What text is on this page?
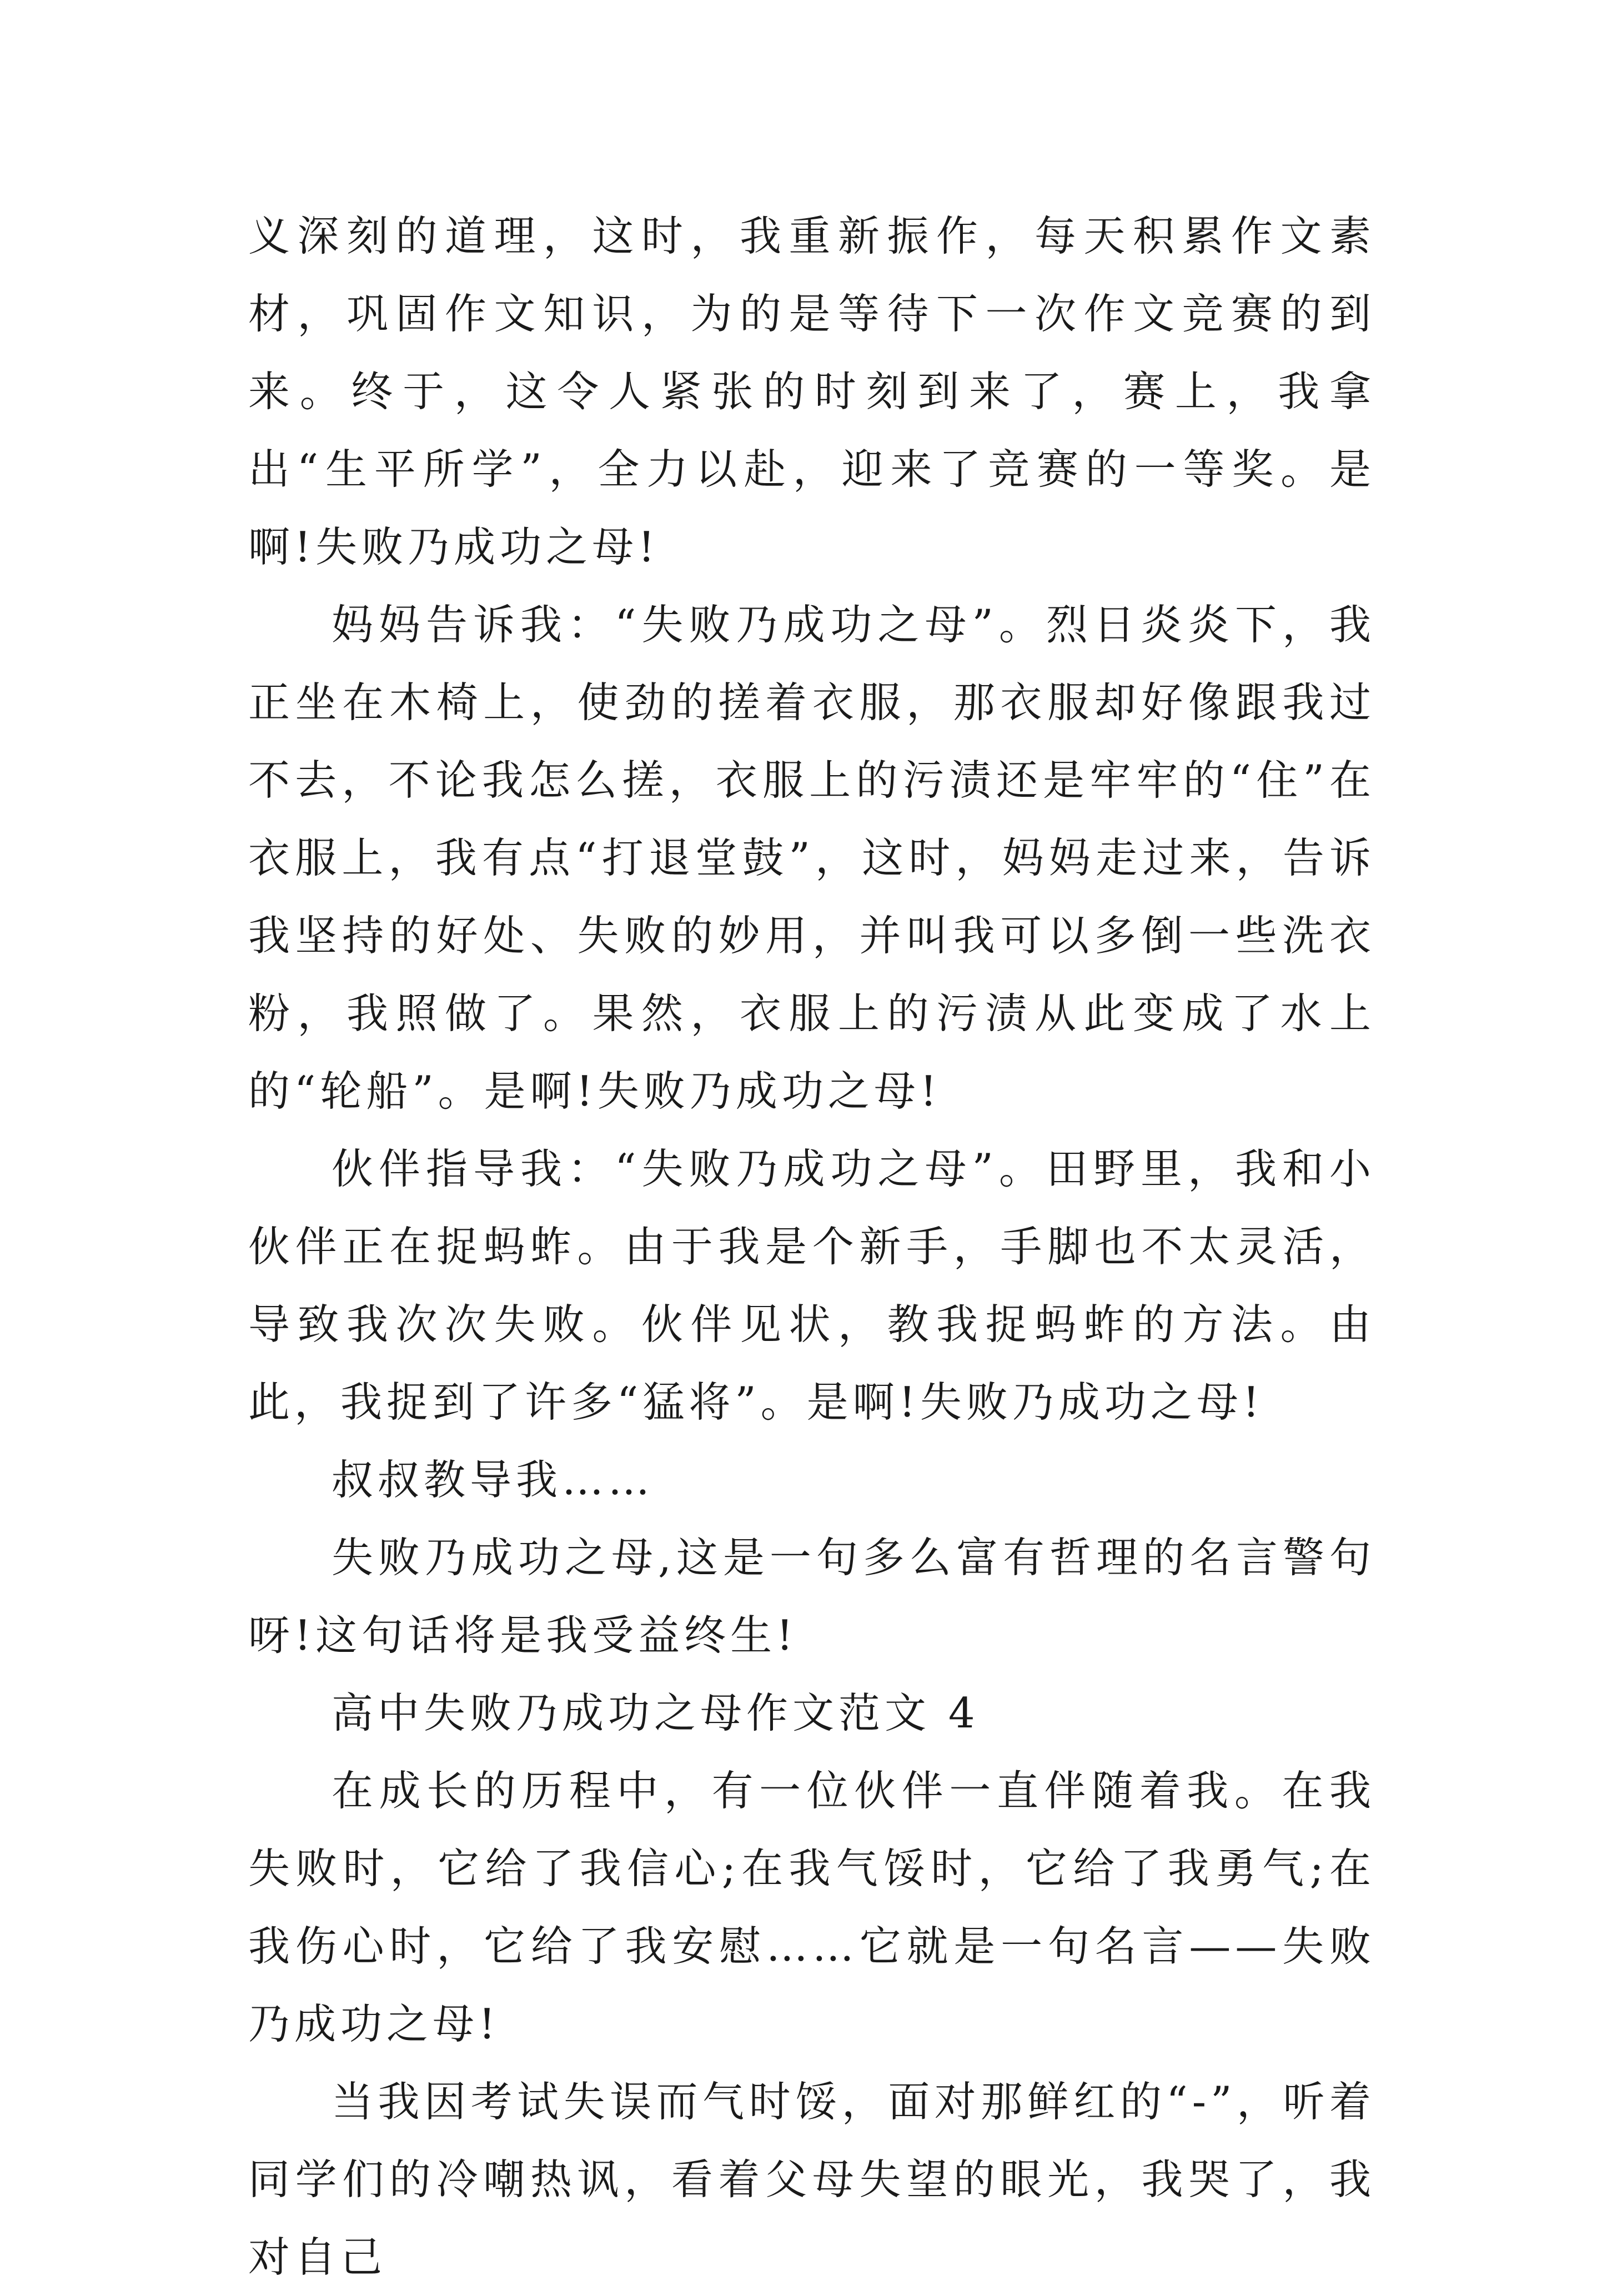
义深刻的道理，这时，我重新振作，每天积累作文素材，巩固作文知识，为的是等待下一次作文竞赛的到来。终于，这令人紧张的时刻到来了，赛上，我拿出“生平所学”，全力以赴，迎来了竞赛的一等奖。是啊!失败乃成功之母!

妈妈告诉我：“失败乃成功之母”。烈日炎炎下，我正坐在木椅上，使劲的搓着衣服，那衣服却好像跟我过不去，不论我怎么搓，衣服上的污渍还是牢牢的“住”在衣服上，我有点“打退堂鼓”，这时，妈妈走过来，告诉我坚持的好处、失败的妙用，并叫我可以多倒一些洗衣粉，我照做了。果然，衣服上的污渍从此变成了水上的“轮船”。是啊!失败乃成功之母!

伙伴指导我：“失败乃成功之母”。田野里，我和小伙伴正在捉蚂蚱。由于我是个新手，手脚也不太灵活，导致我次次失败。伙伴见状，教我捉蚂蚱的方法。由此，我捉到了许多“猛将”。是啊!失败乃成功之母!

叔叔教导我……

失败乃成功之母,这是一句多么富有哲理的名言警句呀!这句话将是我受益终生!

高中失败乃成功之母作文范文 4

在成长的历程中，有一位伙伴一直伴随着我。在我失败时，它给了我信心;在我气馁时，它给了我勇气;在我伤心时，它给了我安慰……它就是一句名言——失败乃成功之母!

当我因考试失误而气时馁，面对那鲜红的“-”，听着同学们的冷嘲热讽，看着父母失望的眼光，我哭了，我对自己
